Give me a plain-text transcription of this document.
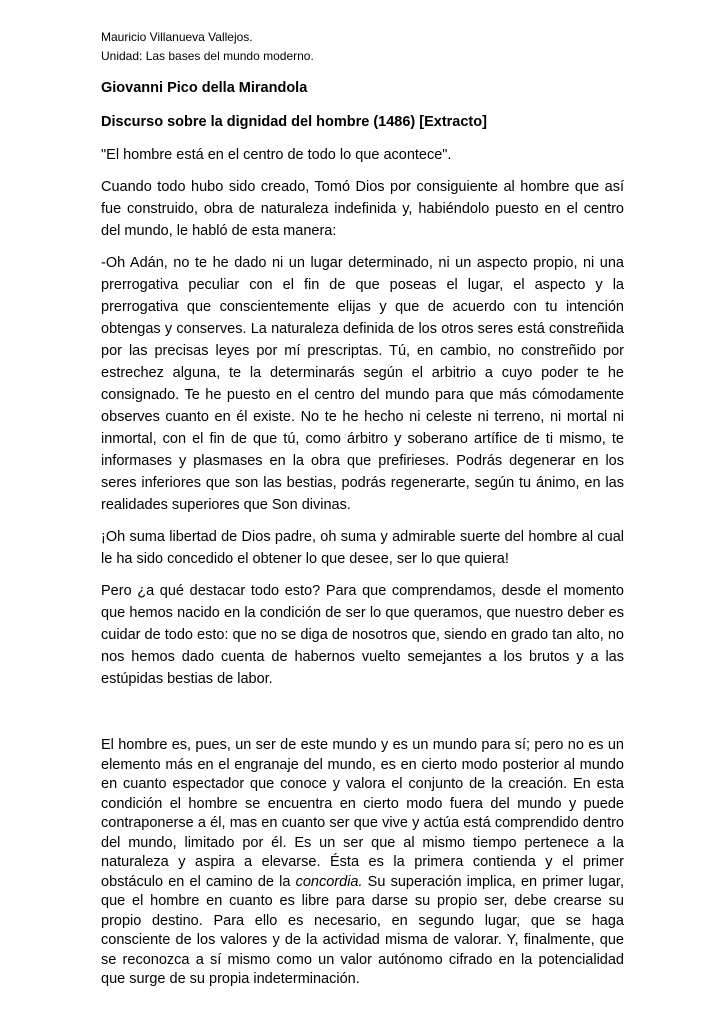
Mauricio Villanueva Vallejos.

Unidad: Las bases del mundo moderno.

Giovanni Pico della Mirandola

Discurso sobre la dignidad del hombre (1486) [Extracto]

"El hombre está en el centro de todo lo que acontece".

Cuando todo hubo sido creado, Tomó Dios por consiguiente al hombre que así fue construido, obra de naturaleza indefinida y, habiéndolo puesto en el centro del mundo, le habló de esta manera:

-Oh Adán, no te he dado ni un lugar determinado, ni un aspecto propio, ni una prerrogativa peculiar con el fin de que poseas el lugar, el aspecto y la prerrogativa que conscientemente elijas y que de acuerdo con tu intención obtengas y conserves. La naturaleza definida de los otros seres está constreñida por las precisas leyes por mí prescriptas. Tú, en cambio, no constreñido por estrechez alguna, te la determinarás según el arbitrio a cuyo poder te he consignado. Te he puesto en el centro del mundo para que más cómodamente observes cuanto en él existe. No te he hecho ni celeste ni terreno, ni mortal ni inmortal, con el fin de que tú, como árbitro y soberano artífice de ti mismo, te informases y plasmases en la obra que prefirieses. Podrás degenerar en los seres inferiores que son las bestias, podrás regenerarte, según tu ánimo, en las realidades superiores que Son divinas.

¡Oh suma libertad de Dios padre, oh suma y admirable suerte del hombre al cual le ha sido concedido el obtener lo que desee, ser lo que quiera!

Pero ¿a qué destacar todo esto? Para que comprendamos, desde el momento que hemos nacido en la condición de ser lo que queramos, que nuestro deber es cuidar de todo esto: que no se diga de nosotros que, siendo en grado tan alto, no nos hemos dado cuenta de habernos vuelto semejantes a los brutos y a las estúpidas bestias de labor.

El hombre es, pues, un ser de este mundo y es un mundo para sí; pero no es un elemento más en el engranaje del mundo, es en cierto modo posterior al mundo en cuanto espectador que conoce y valora el conjunto de la creación. En esta condición el hombre se encuentra en cierto modo fuera del mundo y puede contraponerse a él, mas en cuanto ser que vive y actúa está comprendido dentro del mundo, limitado por él. Es un ser que al mismo tiempo pertenece a la naturaleza y aspira a elevarse. Ésta es la primera contienda y el primer obstáculo en el camino de la concordia. Su superación implica, en primer lugar, que el hombre en cuanto es libre para darse su propio ser, debe crearse su propio destino. Para ello es necesario, en segundo lugar, que se haga consciente de los valores y de la actividad misma de valorar. Y, finalmente, que se reconozca a sí mismo como un valor autónomo cifrado en la potencialidad que surge de su propia indeterminación.
